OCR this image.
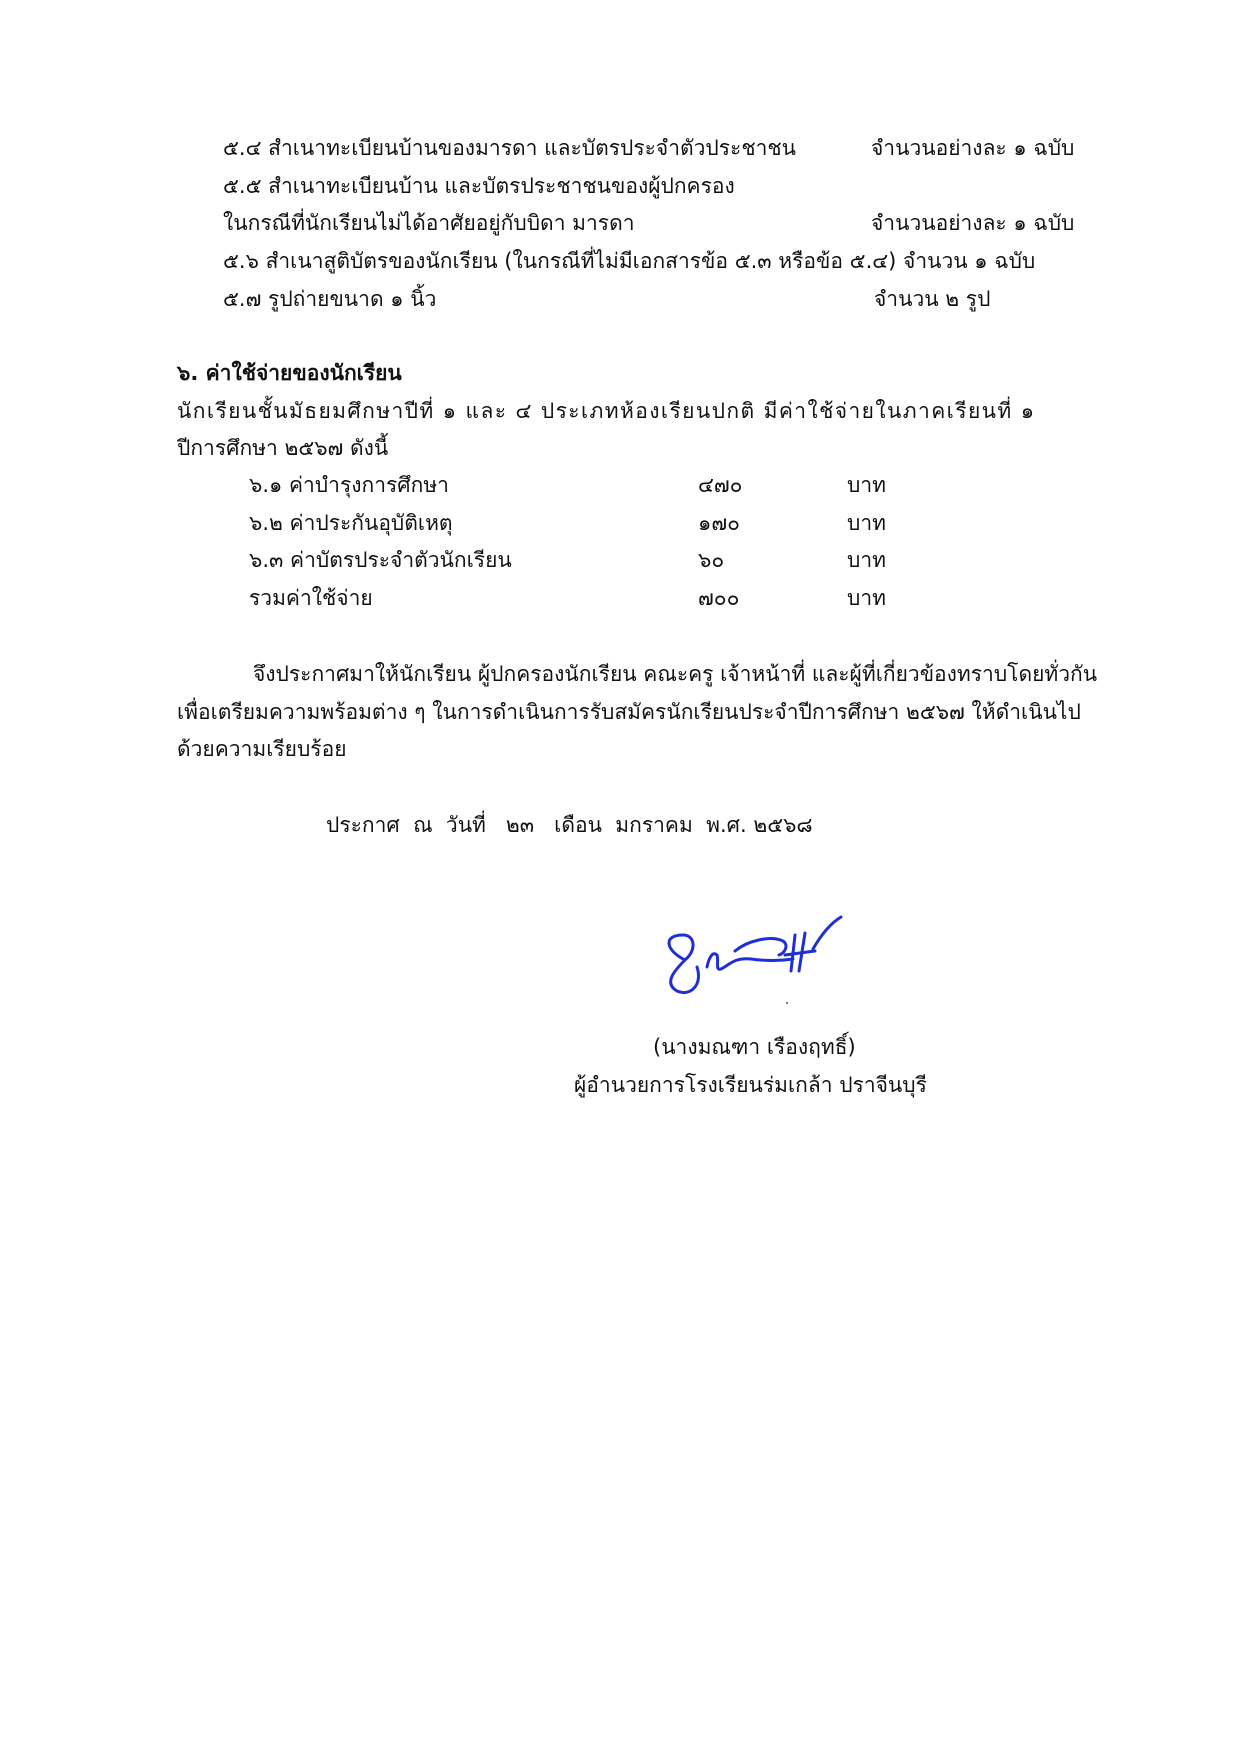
๕.๔ สำเนาทะเบียนบ้านของมารดา และบัตรประจำตัวประชาชน	จำนวนอย่างละ ๑ ฉบับ
๕.๕ สำเนาทะเบียนบ้าน และบัตรประชาชนของผู้ปกครอง
ในกรณีที่นักเรียนไม่ได้อาศัยอยู่กับบิดา มารดา	จำนวนอย่างละ ๑ ฉบับ
๕.๖ สำเนาสูติบัตรของนักเรียน (ในกรณีที่ไม่มีเอกสารข้อ ๕.๓ หรือข้อ ๕.๔) จำนวน ๑ ฉบับ
๕.๗ รูปถ่ายขนาด ๑ นิ้ว	จำนวน ๒ รูป
๖. ค่าใช้จ่ายของนักเรียน
นักเรียนชั้นมัธยมศึกษาปีที่ ๑ และ ๔ ประเภทห้องเรียนปกติ มีค่าใช้จ่ายในภาคเรียนที่ ๑
ปีการศึกษา ๒๕๖๗ ดังนี้
๖.๑ ค่าบำรุงการศึกษา	๔๗๐	บาท
๖.๒ ค่าประกันอุบัติเหตุ	๑๗๐	บาท
๖.๓ ค่าบัตรประจำตัวนักเรียน	๖๐	บาท
รวมค่าใช้จ่าย	๗๐๐	บาท
จึงประกาศมาให้นักเรียน ผู้ปกครองนักเรียน คณะครู เจ้าหน้าที่ และผู้ที่เกี่ยวข้องทราบโดยทั่วกัน
เพื่อเตรียมความพร้อมต่าง ๆ ในการดำเนินการรับสมัครนักเรียนประจำปีการศึกษา ๒๕๖๗ ให้ดำเนินไป
ด้วยความเรียบร้อย
ประกาศ  ณ  วันที่   ๒๓   เดือน  มกราคม  พ.ศ. ๒๕๖๘
(นางมณฑา เรืองฤทธิ์)
ผู้อำนวยการโรงเรียนร่มเกล้า ปราจีนบุรี
